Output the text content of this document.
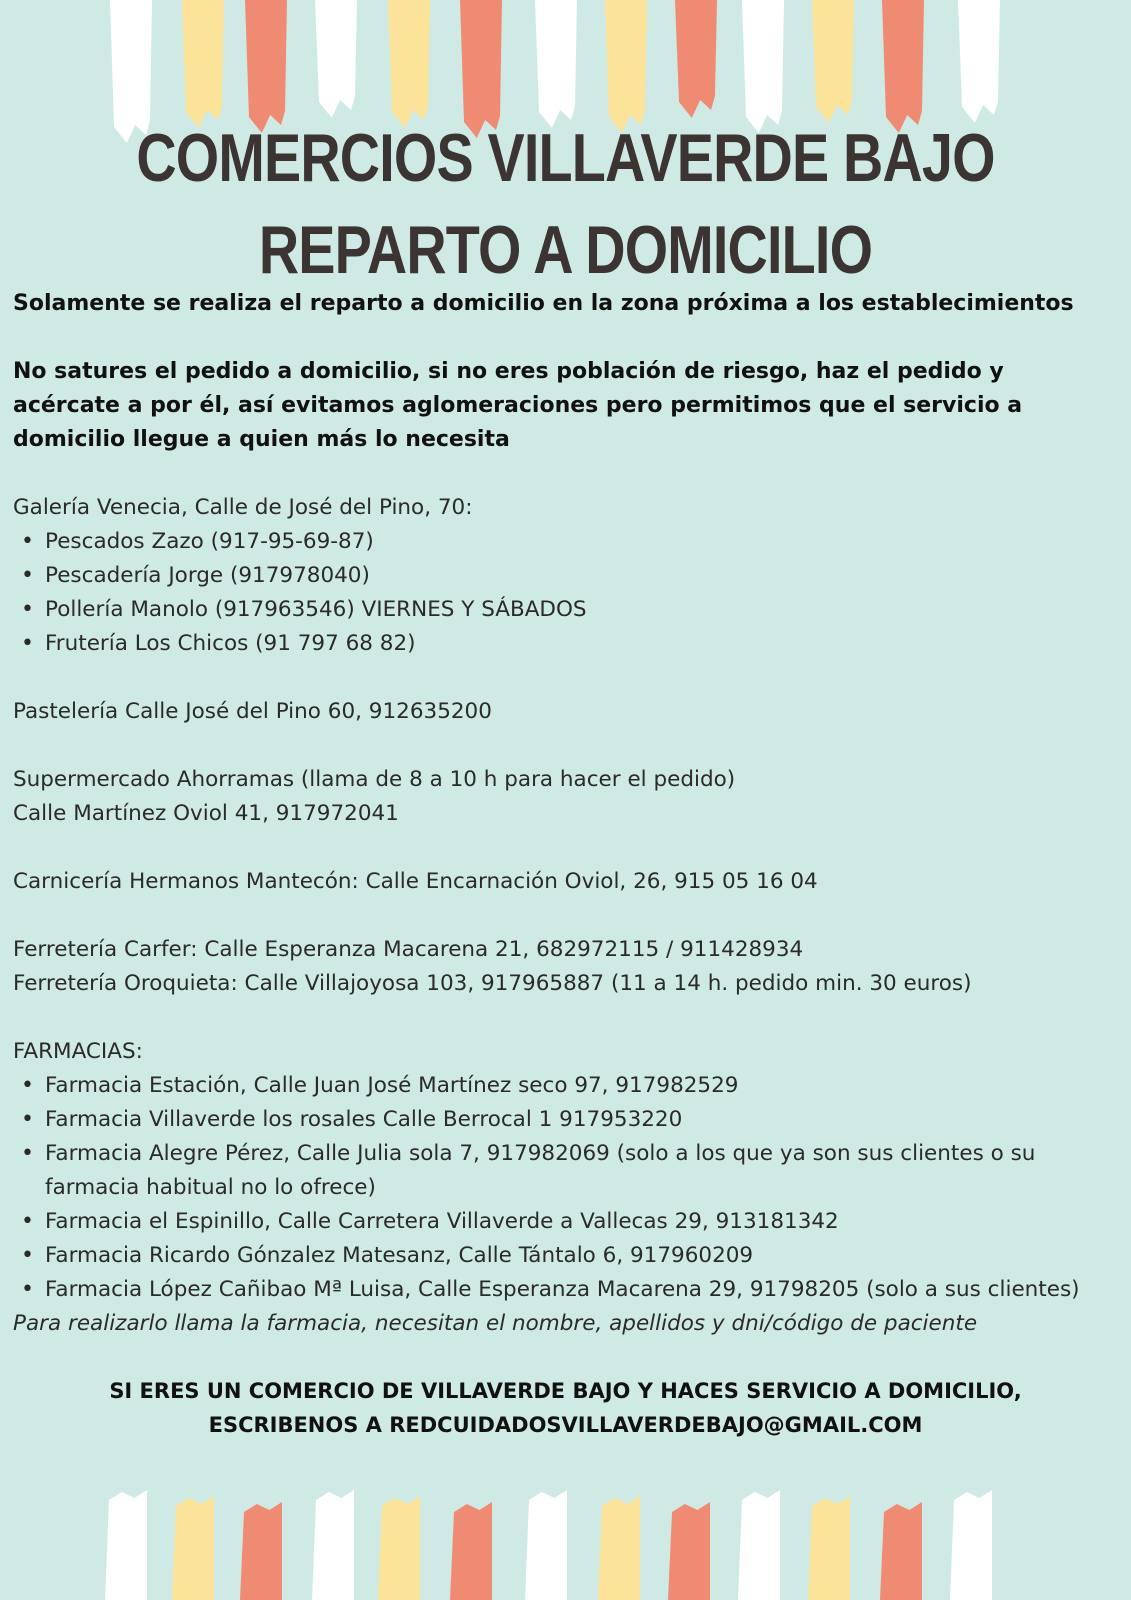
COMERCIOS VILLAVERDE BAJO
REPARTO A DOMICILIO

Solamente se realiza el reparto a domicilio en la zona próxima a los establecimientos

No satures el pedido a domicilio, si no eres población de riesgo, haz el pedido y acércate a por él, así evitamos aglomeraciones pero permitimos que el servicio a domicilio llegue a quien más lo necesita

Galería Venecia, Calle de José del Pino, 70:

• Pescados Zazo (917-95-69-87)
• Pescadería Jorge (917978040)
• Pollería Manolo (917963546) VIERNES Y SÁBADOS
• Frutería Los Chicos (91 797 68 82)

Pastelería Calle José del Pino 60, 912635200

Supermercado Ahorramas (llama de 8 a 10 h para hacer el pedido)

Calle Martínez Oviol 41, 917972041

Carnicería Hermanos Mantecón: Calle Encarnación Oviol, 26, 915 05 16 04

Ferretería Carfer: Calle Esperanza Macarena 21, 682972115 / 911428934

Ferretería Oroquieta: Calle Villajoyosa 103, 917965887 (11 a 14 h. pedido min. 30 euros)

FARMACIAS:

• Farmacia Estación, Calle Juan José Martínez seco 97, 917982529
• Farmacia Villaverde los rosales Calle Berrocal 1 917953220
• Farmacia Alegre Pérez, Calle Julia sola 7, 917982069 (solo a los que ya son sus clientes o su farmacia habitual no lo ofrece)
• Farmacia el Espinillo, Calle Carretera Villaverde a Vallecas 29, 913181342
• Farmacia Ricardo Gónzalez Matesanz, Calle Tántalo 6, 917960209
• Farmacia López Cañibao Mª Luisa, Calle Esperanza Macarena 29, 91798205 (solo a sus clientes)

Para realizarlo llama la farmacia, necesitan el nombre, apellidos y dni/código de paciente

SI ERES UN COMERCIO DE VILLAVERDE BAJO Y HACES SERVICIO A DOMICILIO,
ESCRIBENOS A REDCUIDADOSVILLAVERDEBAJO@GMAIL.COM
